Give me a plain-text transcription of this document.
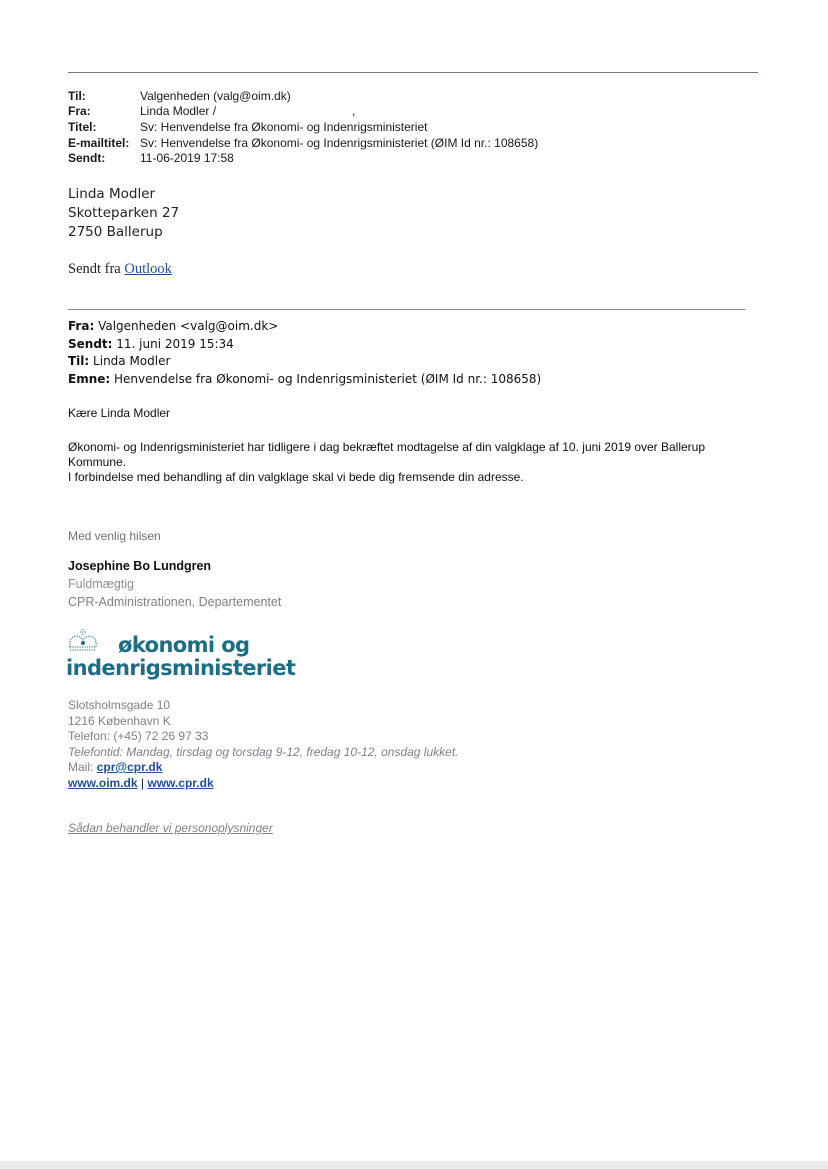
Til:	Valgenheden (valg@oim.dk)
Fra:	Linda Modler /	,
Titel:	Sv: Henvendelse fra Økonomi- og Indenrigsministeriet
E-mailtitel: Sv: Henvendelse fra Økonomi- og Indenrigsministeriet (ØIM Id nr.: 108658)
Sendt:	11-06-2019 17:58
Linda Modler
Skotteparken 27
2750 Ballerup
Sendt fra Outlook
Fra: Valgenheden <valg@oim.dk>
Sendt: 11. juni 2019 15:34
Til: Linda Modler
Emne: Henvendelse fra Økonomi- og Indenrigsministeriet (ØIM Id nr.: 108658)
Kære Linda Modler
Økonomi- og Indenrigsministeriet har tidligere i dag bekræftet modtagelse af din valgklage af 10. juni 2019 over Ballerup
Kommune.
I forbindelse med behandling af din valgklage skal vi bede dig fremsende din adresse.
Med venlig hilsen
Josephine Bo Lundgren
Fuldmægtig
CPR-Administrationen, Departementet
økonomi og
indenrigsministeriet
Slotsholmsgade 10
1216 København K
Telefon: (+45) 72 26 97 33
Telefontid: Mandag, tirsdag og torsdag 9-12, fredag 10-12, onsdag lukket.
Mail: cpr@cpr.dk
www.oim.dk | www.cpr.dk
Sådan behandler vi personoplysninger
